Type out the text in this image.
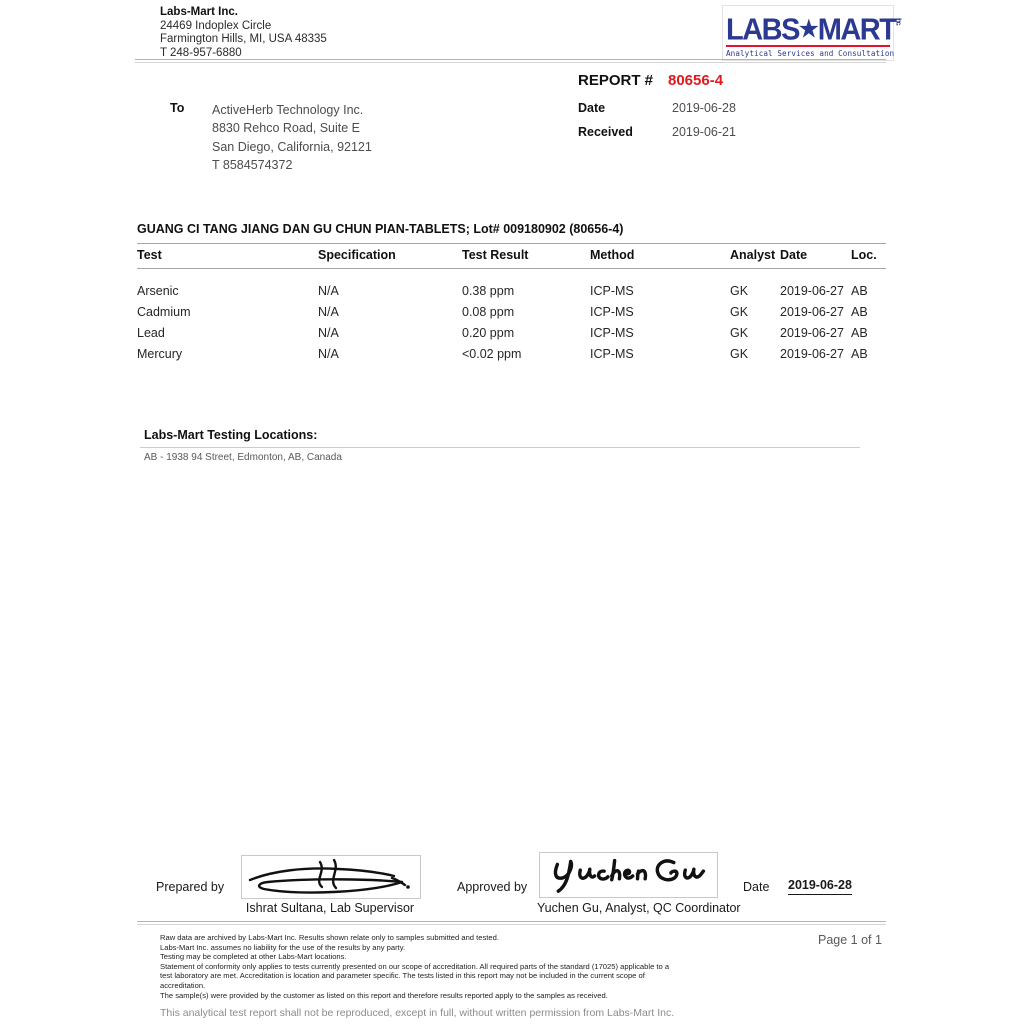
Labs-Mart Inc.
24469 Indoplex Circle
Farmington Hills, MI, USA 48335
T 248-957-6880
LABS★MARTInc.
Analytical Services and Consultation
REPORT # 80656-4
Date	2019-06-28
Received	2019-06-21
To ActiveHerb Technology Inc.
8830 Rehco Road, Suite E
San Diego, California, 92121
T 8584574372
GUANG CI TANG JIANG DAN GU CHUN PIAN-TABLETS; Lot# 009180902 (80656-4)
Test	Specification	Test Result	Method	Analyst Date	Loc.
Arsenic	N/A	0.38 ppm	ICP-MS	GK	2019-06-27 AB
Cadmium	N/A	0.08 ppm	ICP-MS	GK	2019-06-27 AB
Lead	N/A	0.20 ppm	ICP-MS	GK	2019-06-27 AB
Mercury	N/A	<0.02 ppm	ICP-MS	GK	2019-06-27 AB
Labs-Mart Testing Locations:
AB - 1938 94 Street, Edmonton, AB, Canada
Prepared by
Ishrat Sultana, Lab Supervisor
Approved by
Yuchen Gu, Analyst, QC Coordinator
Date 2019-06-28

Raw data are archived by Labs-Mart Inc. Results shown relate only to samples submitted and tested.

Labs-Mart Inc. assumes no liability for the use of the results by any party.

Testing may be completed at other Labs-Mart locations.

Statement of conformity only applies to tests currently presented on our scope of accreditation. All required parts of the standard (17025) applicable to a test laboratory are met. Accreditation is location and parameter specific. The tests listed in this report may not be included in the current scope of accreditation.

The sample(s) were provided by the customer as listed on this report and therefore results reported apply to the samples as received.

Page 1 of 1
This analytical test report shall not be reproduced, except in full, without written permission from Labs-Mart Inc.
